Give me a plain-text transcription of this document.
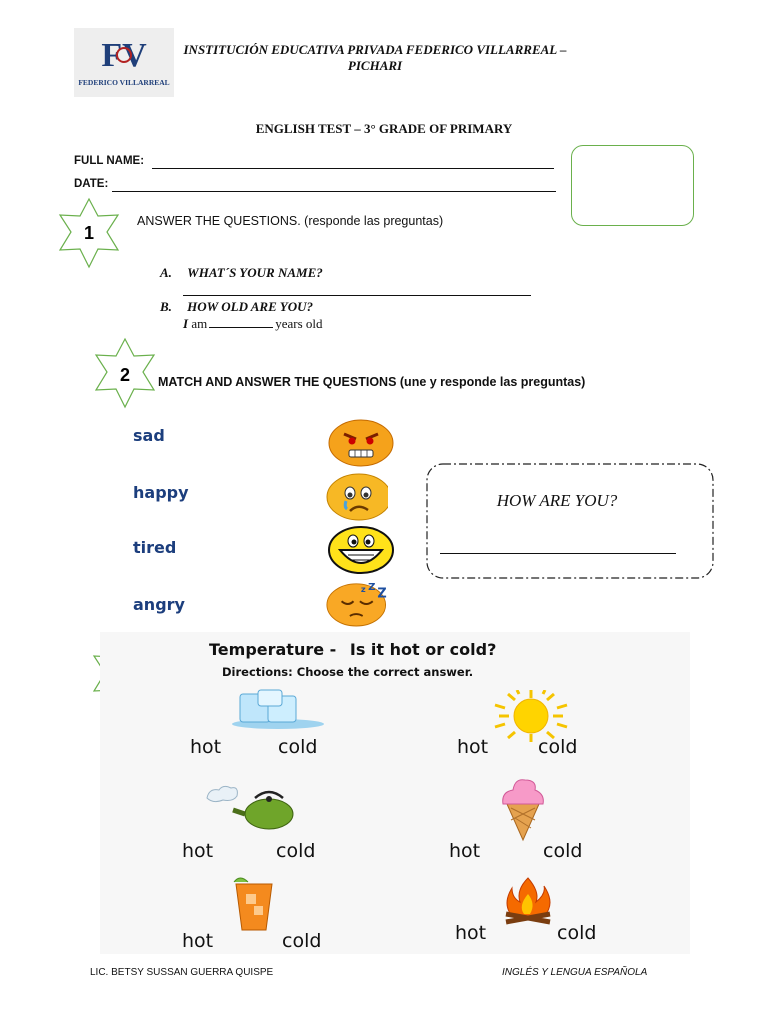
FV
FEDERICO VILLARREAL
INSTITUCIÓN EDUCATIVA PRIVADA FEDERICO VILLARREAL –
PICHARI
ENGLISH TEST – 3° GRADE OF PRIMARY
FULL NAME:
DATE:
1
ANSWER THE QUESTIONS. (responde las preguntas)
A. WHAT´S YOUR NAME?
B. HOW OLD ARE YOU?
I am	years old
2 MATCH AND ANSWER THE QUESTIONS (une y responde las preguntas)
sad
happy
tired
angry
z Z Z
HOW ARE YOU?
Temperature - Is it hot or cold?
Directions: Choose the correct answer.
hot	cold	hot	cold
hot	cold	hot	cold
hot	cold	hot	cold
LIC. BETSY SUSSAN GUERRA QUISPE	INGLÉS Y LENGUA ESPAÑOLA
